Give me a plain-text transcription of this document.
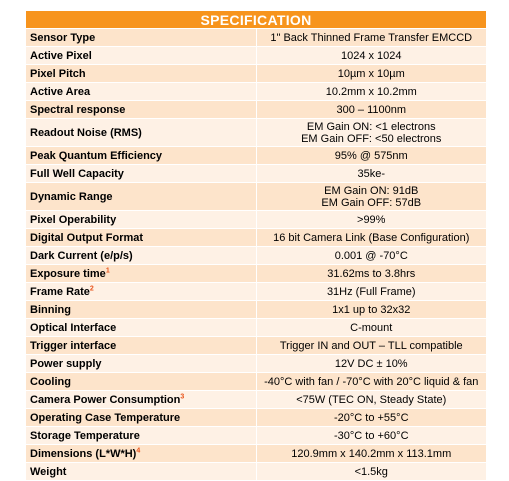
SPECIFICATION	
Sensor Type	1" Back Thinned Frame Transfer EMCCD

Active Pixel	1024 x 1024

Pixel Pitch	10µm x 10µm

Active Area	10.2mm x 10.2mm

Spectral response	300 – 1100nm

Readout Noise (RMS)	EM Gain ON: <1 electrons
EM Gain OFF: <50 electrons

Peak Quantum Efficiency	95% @ 575nm

Full Well Capacity	35ke-

Dynamic Range	EM Gain ON: 91dB
EM Gain OFF: 57dB

Pixel Operability	>99%

Digital Output Format	16 bit Camera Link (Base Configuration)

Dark Current (e/p/s)	0.001 @ -70°C

Exposure time$^1$	31.62ms to 3.8hrs

Frame Rate$^2$	31Hz (Full Frame)

Binning	1x1 up to 32x32

Optical Interface	C-mount

Trigger interface	Trigger IN and OUT – TLL compatible

Power supply	12V DC ± 10%

Cooling	-40°C with fan / -70°C with 20°C liquid & fan

Camera Power Consumption$^3$	<75W (TEC ON, Steady State)

Operating Case Temperature	-20°C to +55°C

Storage Temperature	-30°C to +60°C

Dimensions $(L*W*H)^4$	120.9mm x 140.2mm x 113.1mm

Weight	<1.5kg
